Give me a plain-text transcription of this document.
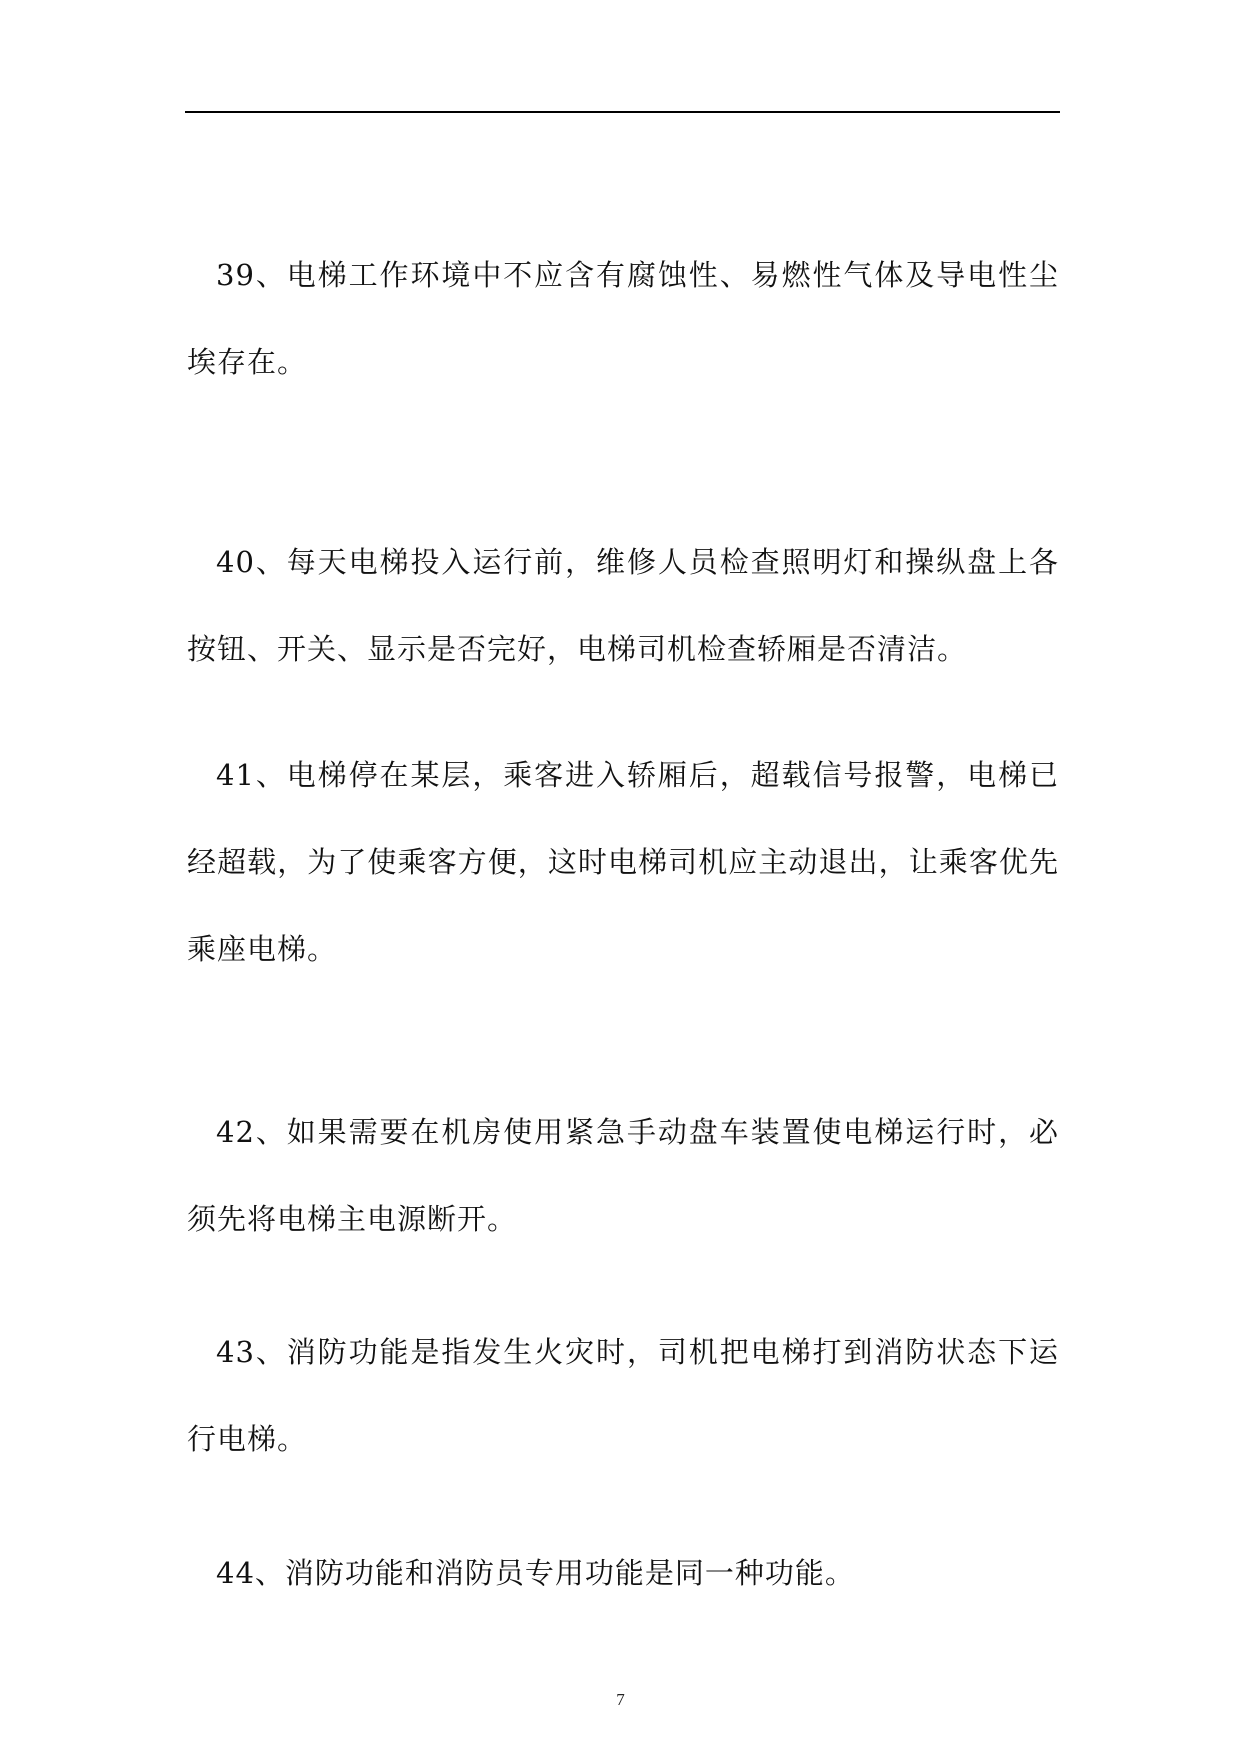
39、电梯工作环境中不应含有腐蚀性、易燃性气体及导电性尘埃存在。

40、每天电梯投入运行前，维修人员检查照明灯和操纵盘上各按钮、开关、显示是否完好，电梯司机检查轿厢是否清洁。

41、电梯停在某层，乘客进入轿厢后，超载信号报警，电梯已经超载，为了使乘客方便，这时电梯司机应主动退出，让乘客优先乘座电梯。

42、如果需要在机房使用紧急手动盘车装置使电梯运行时，必须先将电梯主电源断开。

43、消防功能是指发生火灾时，司机把电梯打到消防状态下运行电梯。

44、消防功能和消防员专用功能是同一种功能。

7
